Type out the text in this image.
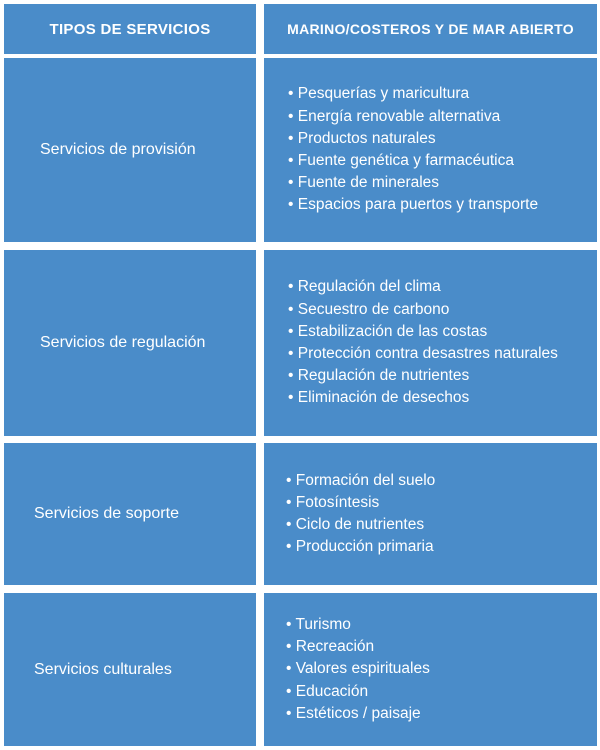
TIPOS DE SERVICIOS	MARINO/COSTEROS Y DE MAR ABIERTO
Servicios de provisión
• Pesquerías y maricultura
• Energía renovable alternativa
• Productos naturales
• Fuente genética y farmacéutica
• Fuente de minerales
• Espacios para puertos y transporte
Servicios de regulación
• Regulación del clima
• Secuestro de carbono
• Estabilización de las costas
• Protección contra desastres naturales
• Regulación de nutrientes
• Eliminación de desechos
Servicios de soporte
• Formación del suelo
• Fotosíntesis
• Ciclo de nutrientes
• Producción primaria
Servicios culturales
• Turismo
• Recreación
• Valores espirituales
• Educación
• Estéticos / paisaje
